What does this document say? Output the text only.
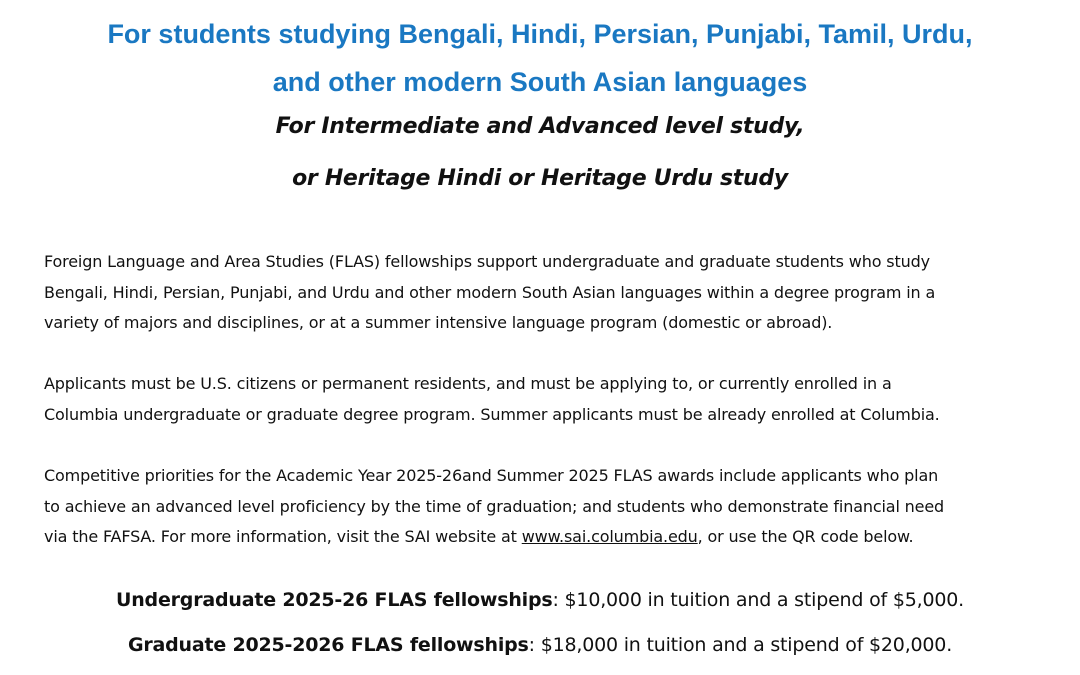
For students studying Bengali, Hindi, Persian, Punjabi, Tamil, Urdu,
and other modern South Asian languages
For Intermediate and Advanced level study,
or Heritage Hindi or Heritage Urdu study
Foreign Language and Area Studies (FLAS) fellowships support undergraduate and graduate students who study
Bengali, Hindi, Persian, Punjabi, and Urdu and other modern South Asian languages within a degree program in a
variety of majors and disciplines, or at a summer intensive language program (domestic or abroad).
Applicants must be U.S. citizens or permanent residents, and must be applying to, or currently enrolled in a
Columbia undergraduate or graduate degree program. Summer applicants must be already enrolled at Columbia.
Competitive priorities for the Academic Year 2025-26and Summer 2025 FLAS awards include applicants who plan
to achieve an advanced level proficiency by the time of graduation; and students who demonstrate financial need
via the FAFSA. For more information, visit the SAI website at www.sai.columbia.edu, or use the QR code below.
Undergraduate 2025-26 FLAS fellowships: $10,000 in tuition and a stipend of $5,000.
Graduate 2025-2026 FLAS fellowships: $18,000 in tuition and a stipend of $20,000.
